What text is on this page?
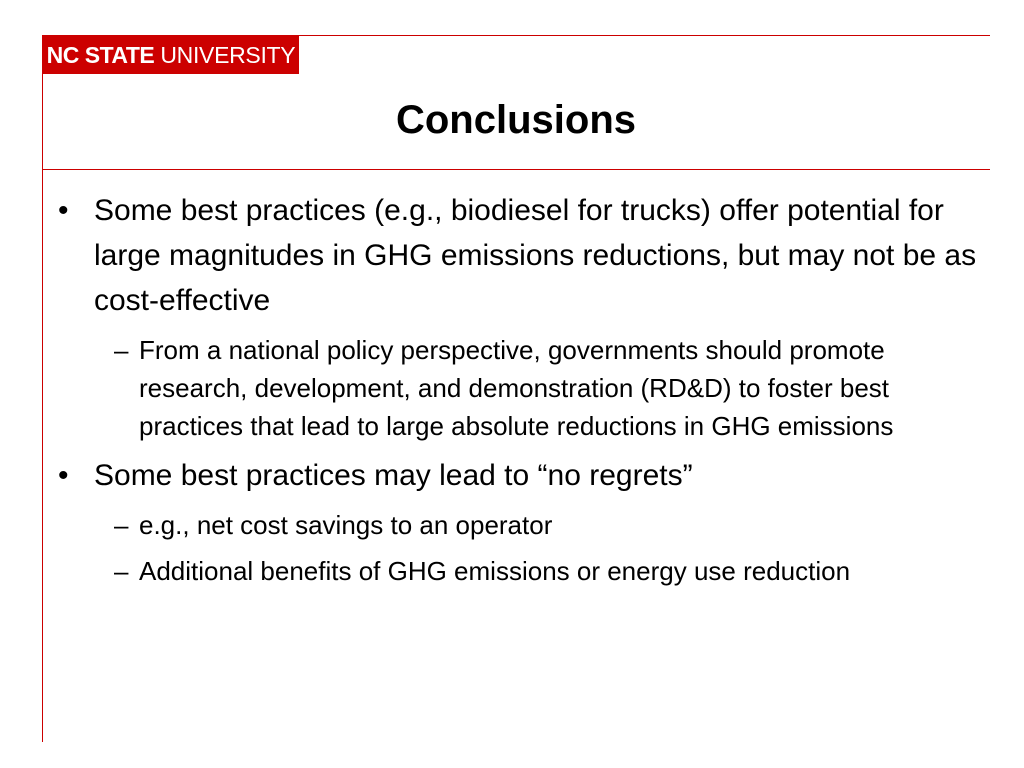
NC STATE UNIVERSITY
Conclusions
• Some best practices (e.g., biodiesel for trucks) offer potential for large magnitudes in GHG emissions reductions, but may not be as cost-effective
– From a national policy perspective, governments should promote research, development, and demonstration (RD&D) to foster best practices that lead to large absolute reductions in GHG emissions
• Some best practices may lead to “no regrets”
– e.g., net cost savings to an operator
– Additional benefits of GHG emissions or energy use reduction
